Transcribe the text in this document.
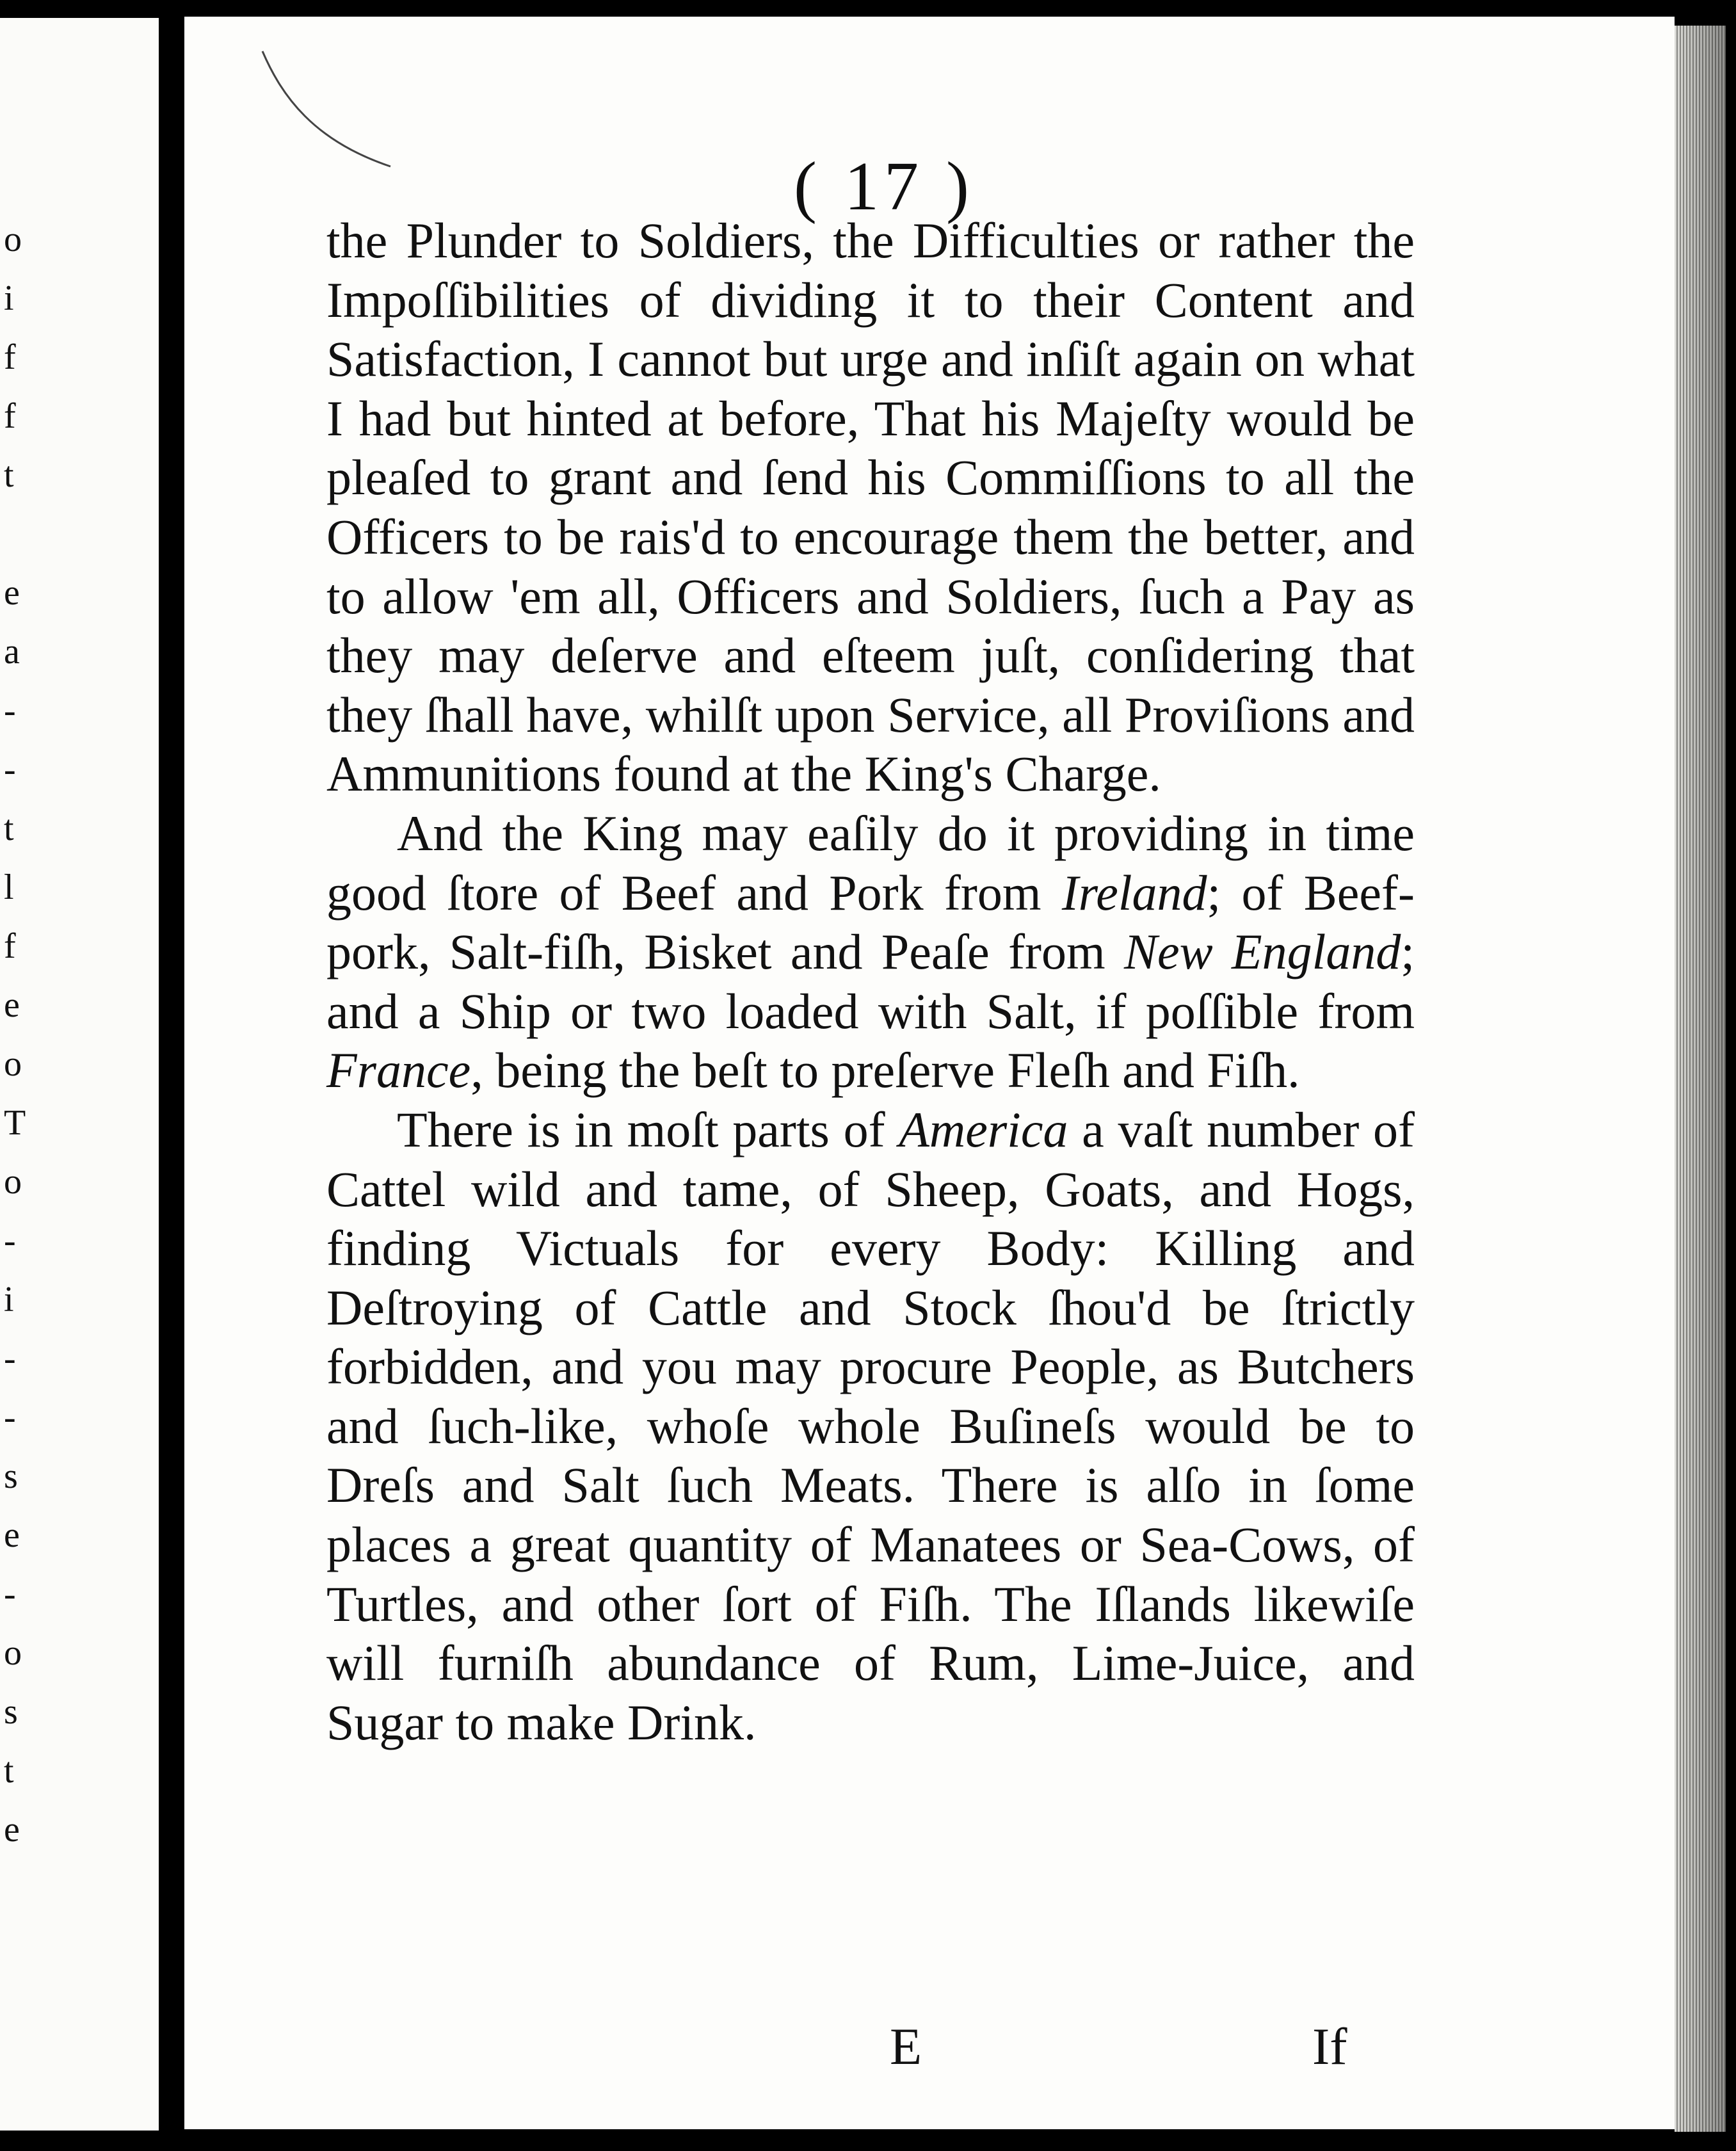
o
i
f
f
t
e
a
-
-
t
l
f
e
o
T
o
-
i
-
-
s
e
-
o
s
t
e
( 17 )

the Plunder to Soldiers, the Difficulties or rather the Impoſſibilities of dividing it to their Content and Satisfaction, I cannot but urge and inſiſt again on what I had but hinted at before, That his Majeſty would be pleaſed to grant and ſend his Commiſſions to all the Officers to be rais'd to encourage them the better, and to allow 'em all, Officers and Soldiers, ſuch a Pay as they may deſerve and eſteem juſt, conſidering that they ſhall have, whilſt upon Service, all Proviſions and Ammunitions found at the King's Charge.

And the King may eaſily do it providing in time good ſtore of Beef and Pork from Ireland; of Beef-pork, Salt-fiſh, Bisket and Peaſe from New England; and a Ship or two loaded with Salt, if poſſible from France, being the beſt to preſerve Fleſh and Fiſh.

There is in moſt parts of America a vaſt number of Cattel wild and tame, of Sheep, Goats, and Hogs, finding Victuals for every Body: Killing and Deſtroying of Cattle and Stock ſhou'd be ſtrictly forbidden, and you may procure People, as Butchers and ſuch-like, whoſe whole Buſineſs would be to Dreſs and Salt ſuch Meats. There is alſo in ſome places a great quantity of Manatees or Sea-Cows, of Turtles, and other ſort of Fiſh. The Iſlands likewiſe will furniſh abundance of Rum, Lime-Juice, and Sugar to make Drink.

E	If
